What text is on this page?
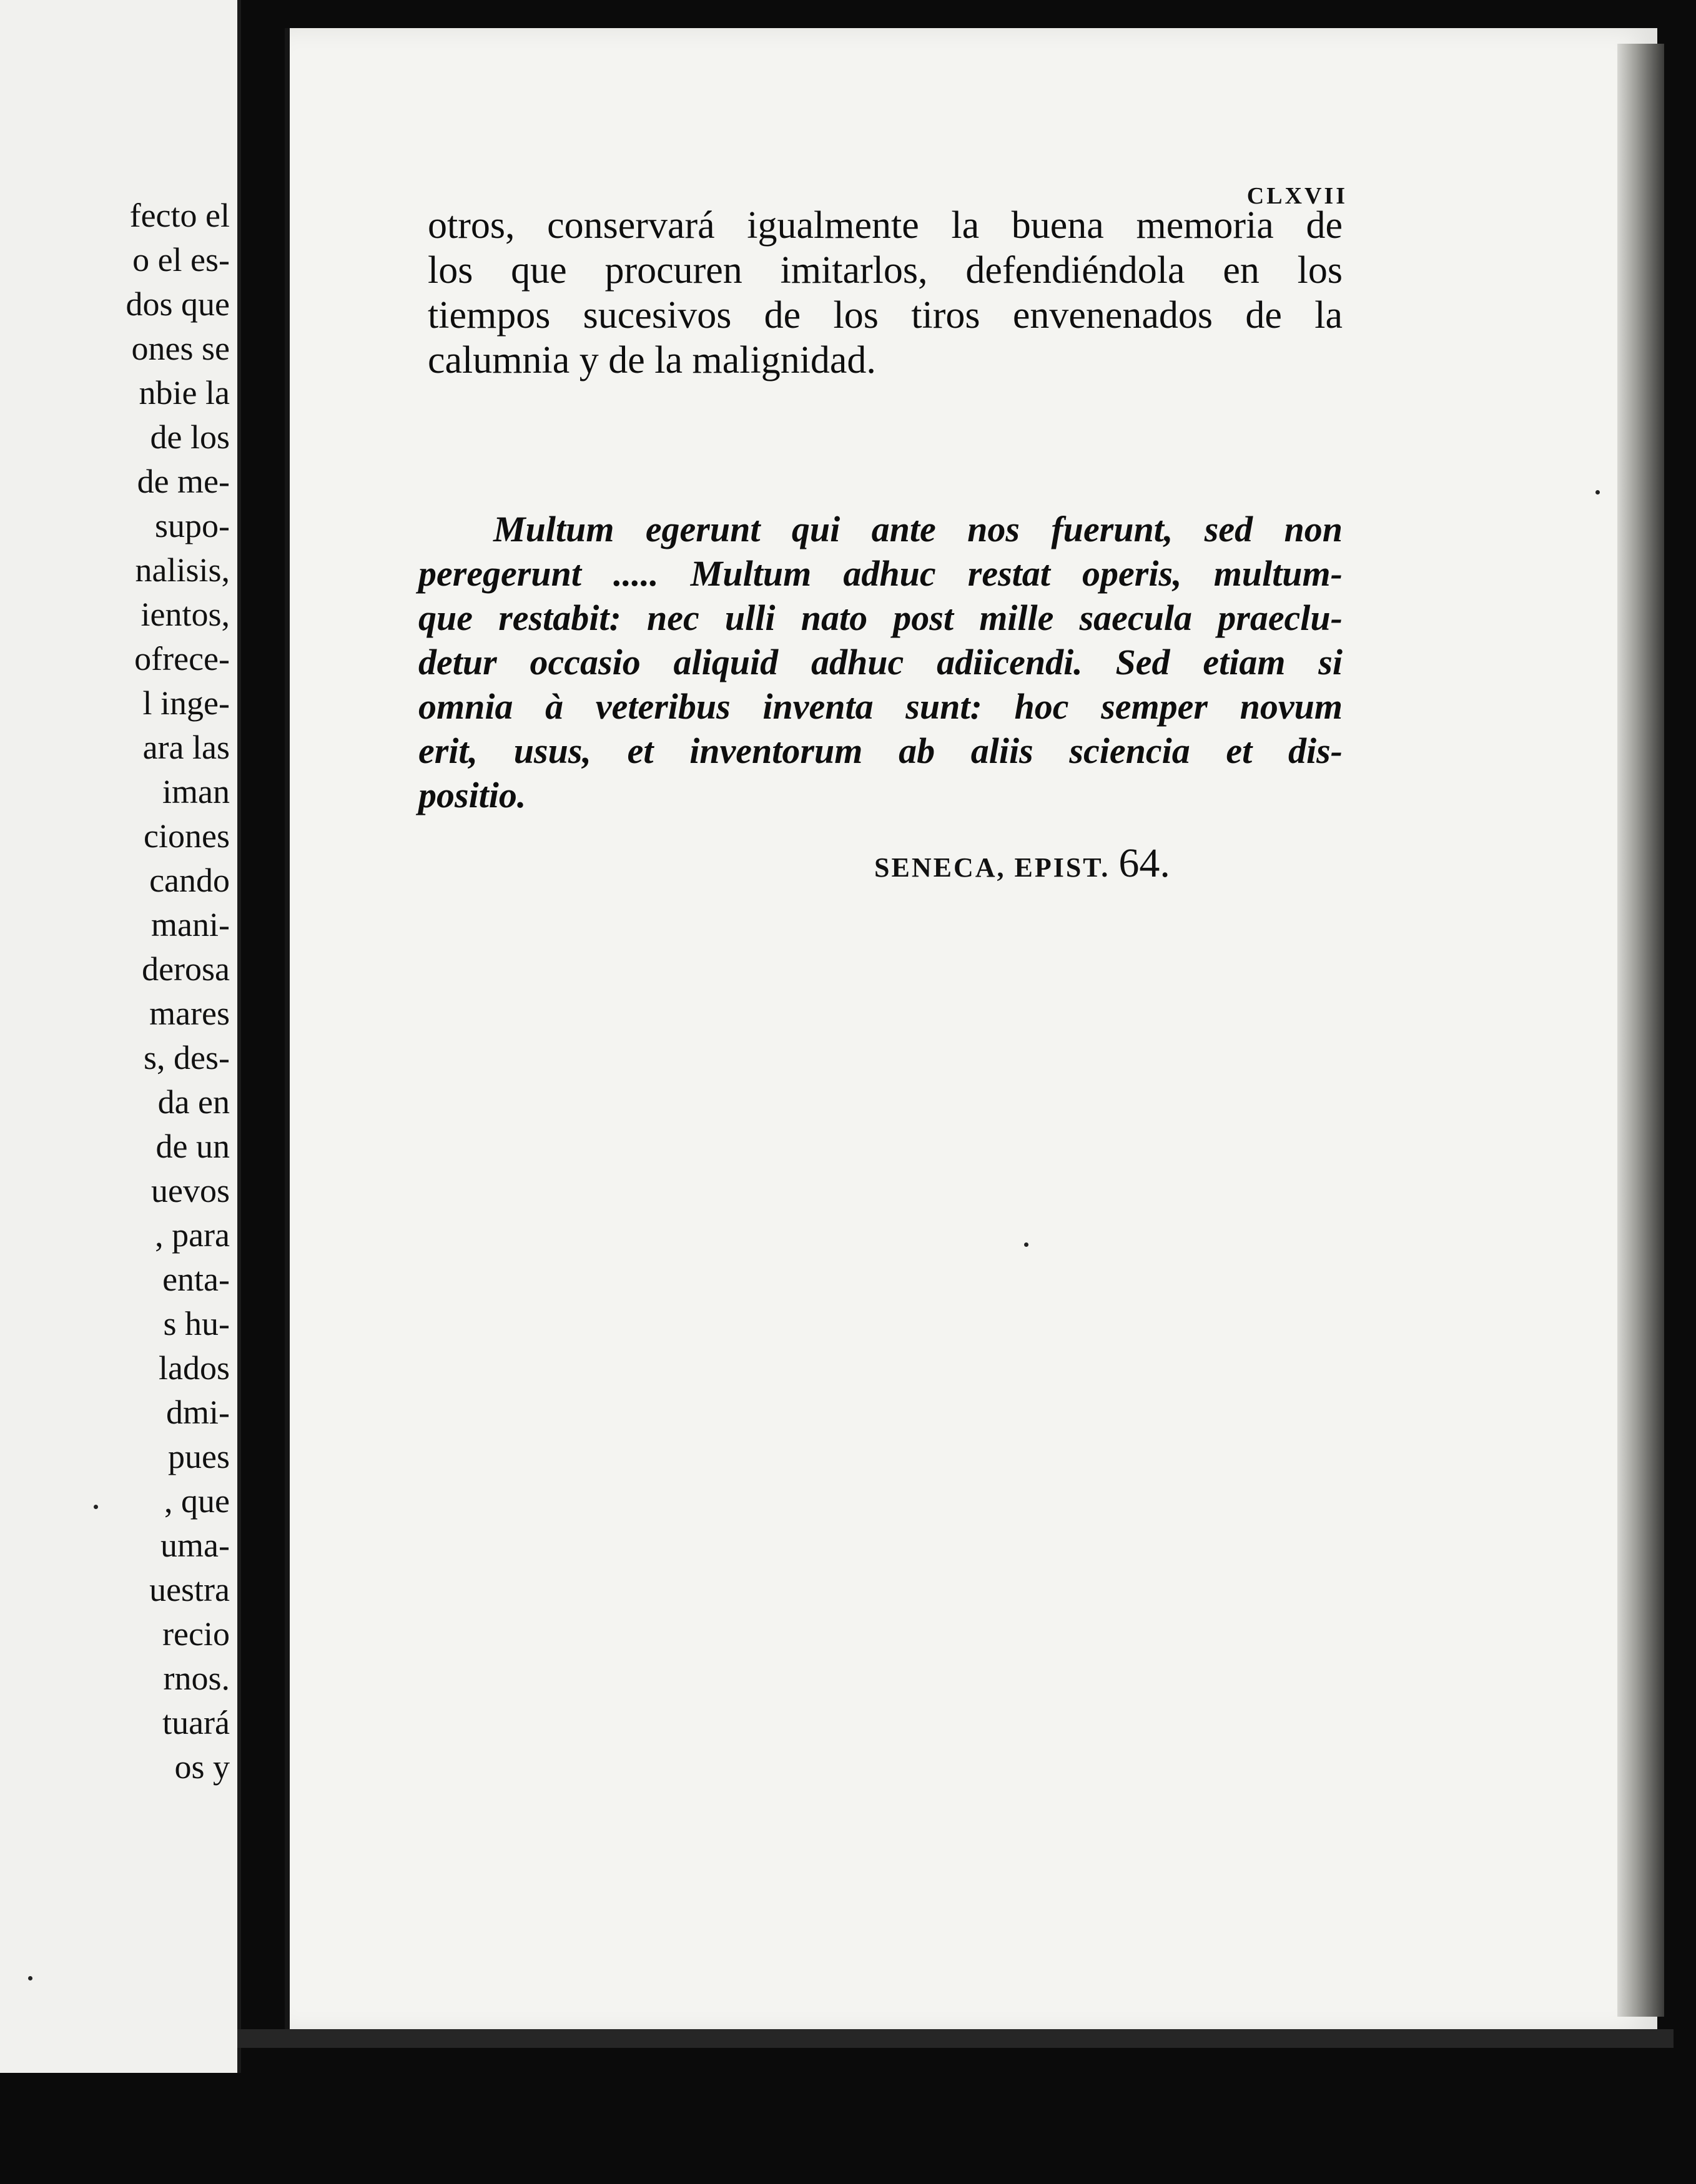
fecto el
o el es-
dos que
ones se
nbie la
de los
de me-
supo-
nalisis,
ientos,
ofrece-
l inge-
ara las
iman
ciones
cando
mani-
derosa
mares
s, des-
da en
de un
uevos
, para
enta-
s hu-
lados
dmi-
pues
, que
uma-
uestra
recio
rnos.
tuará
os y
CLXVII
otros, conservará igualmente la buena memoria de
los que procuren imitarlos, defendiéndola en los
tiempos sucesivos de los tiros envenenados de la
calumnia y de la malignidad.
Multum egerunt qui ante nos fuerunt, sed non
peregerunt ..... Multum adhuc restat operis, multum-
que restabit: nec ulli nato post mille saecula praeclu-
detur occasio aliquid adhuc adiicendi. Sed etiam si
omnia à veteribus inventa sunt: hoc semper novum
erit, usus, et inventorum ab aliis sciencia et dis-
positio.
SENECA, EPIST. 64.
